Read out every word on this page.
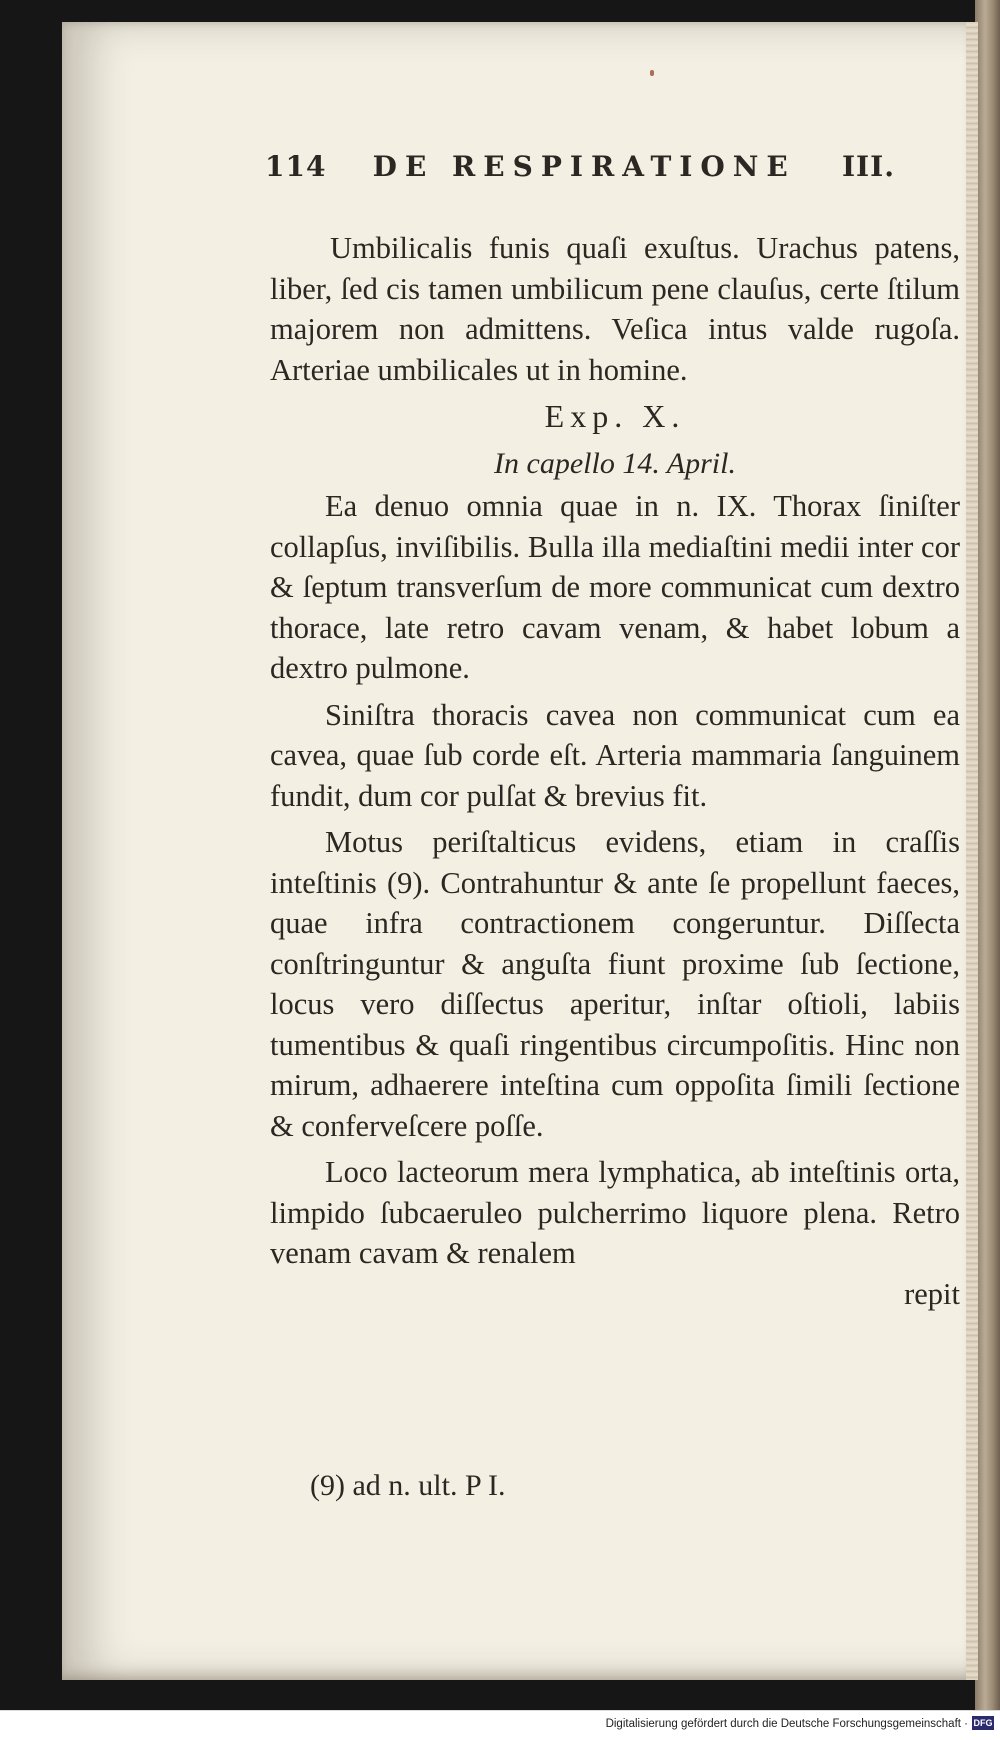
114 DE RESPIRATIONE III.

Umbilicalis funis quaſi exuſtus. Urachus patens, liber, ſed cis tamen umbilicum pene clauſus, certe ſtilum majorem non admittens. Veſica intus valde rugoſa. Arteriae umbilicales ut in homine.

Exp. X.

In capello 14. April.

Ea denuo omnia quae in n. IX. Thorax ſiniſter collapſus, inviſibilis. Bulla illa mediaſtini medii inter cor & ſeptum transverſum de more communicat cum dextro thorace, late retro cavam venam, & habet lobum a dextro pulmone.

Siniſtra thoracis cavea non communicat cum ea cavea, quae ſub corde eſt. Arteria mammaria ſanguinem fundit, dum cor pulſat & brevius fit.

Motus periſtalticus evidens, etiam in craſſis inteſtinis (9). Contrahuntur & ante ſe propellunt faeces, quae infra contractionem congeruntur. Diſſecta conſtringuntur & anguſta fiunt proxime ſub ſectione, locus vero diſſectus aperitur, inſtar oſtioli, labiis tumentibus & quaſi ringentibus circumpoſitis. Hinc non mirum, adhaerere inteſtina cum oppoſita ſimili ſectione & conferveſcere poſſe.

Loco lacteorum mera lymphatica, ab inteſtinis orta, limpido ſubcaeruleo pulcherrimo liquore plena. Retro venam cavam & renalem

repit

(9) ad n. ult. P I.
Digitalisierung gefördert durch die Deutsche Forschungsgemeinschaft · DFG
